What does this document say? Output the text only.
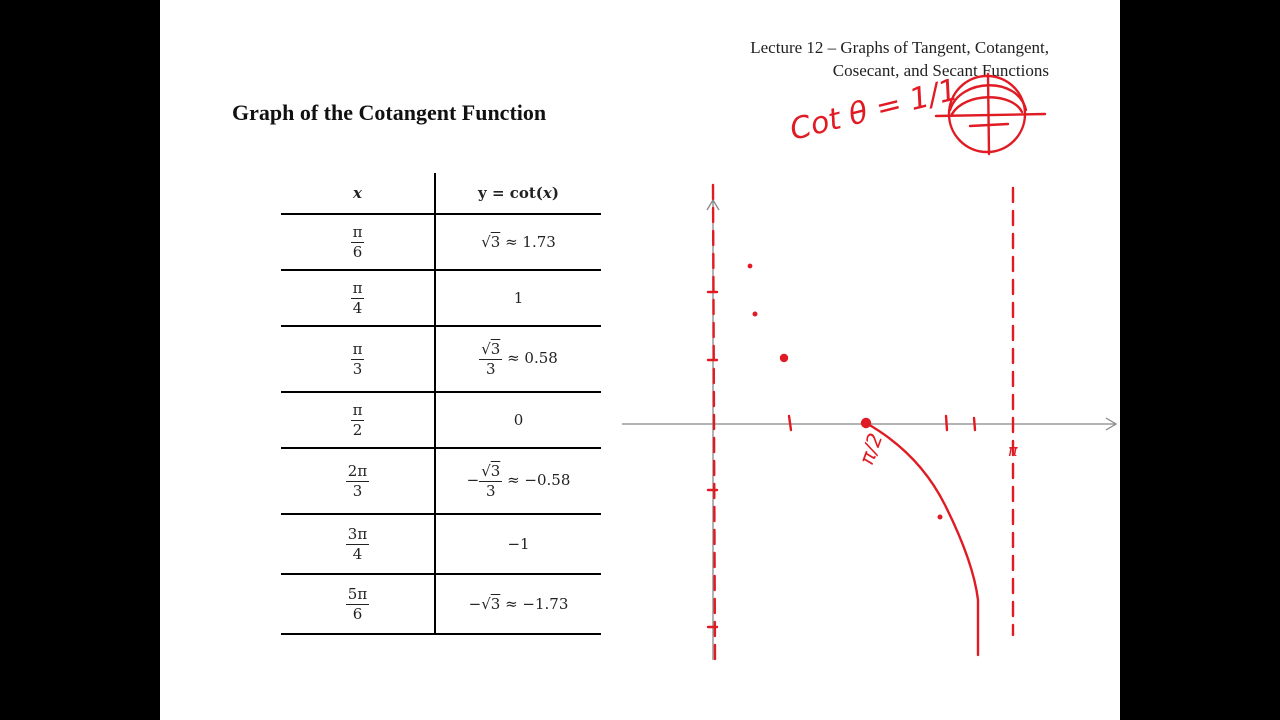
Lecture 12 – Graphs of Tangent, Cotangent,
Cosecant, and Secant Functions
Graph of the Cotangent Function
x	y = cot(x)

$\frac{\pi}{6}$	√3 ≈ 1.73

$\frac{\pi}{4}$	1

$\frac{\pi}{3}$	$\frac{√3}{3} \approx 0.58$

$\frac{\pi}{2}$	0

$\frac{2\pi}{3}$	− $\frac{√3}{3} \approx -0.58$

$\frac{3\pi}{4}$	−1

$\frac{5\pi}{6}$	−√3 ≈ −1.73
Cot θ = 1/1
π/2	π
